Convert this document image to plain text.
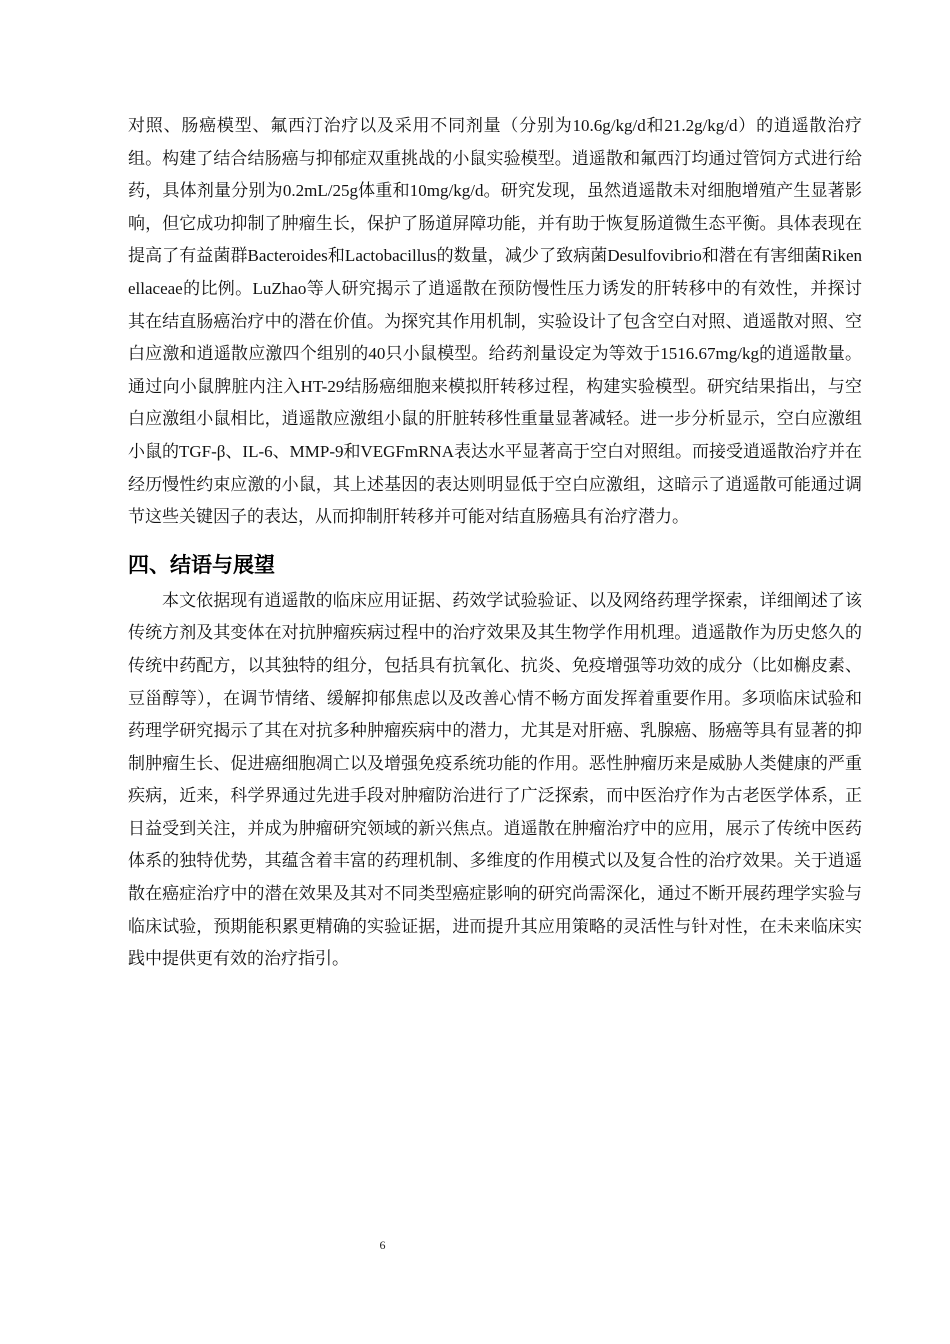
对照、肠癌模型、氟西汀治疗以及采用不同剂量（分别为10.6g/kg/d和21.2g/kg/d）的逍遥散治疗组。构建了结合结肠癌与抑郁症双重挑战的小鼠实验模型。逍遥散和氟西汀均通过管饲方式进行给药，具体剂量分别为0.2mL/25g体重和10mg/kg/d。研究发现，虽然逍遥散未对细胞增殖产生显著影响，但它成功抑制了肿瘤生长，保护了肠道屏障功能，并有助于恢复肠道微生态平衡。具体表现在提高了有益菌群Bacteroides和Lactobacillus的数量，减少了致病菌Desulfovibrio和潜在有害细菌Rikenellaceae的比例。LuZhao等人研究揭示了逍遥散在预防慢性压力诱发的肝转移中的有效性，并探讨其在结直肠癌治疗中的潜在价值。为探究其作用机制，实验设计了包含空白对照、逍遥散对照、空白应激和逍遥散应激四个组别的40只小鼠模型。给药剂量设定为等效于1516.67mg/kg的逍遥散量。通过向小鼠脾脏内注入HT-29结肠癌细胞来模拟肝转移过程，构建实验模型。研究结果指出，与空白应激组小鼠相比，逍遥散应激组小鼠的肝脏转移性重量显著减轻。进一步分析显示，空白应激组小鼠的TGF-β、IL-6、MMP-9和VEGFmRNA表达水平显著高于空白对照组。而接受逍遥散治疗并在经历慢性约束应激的小鼠，其上述基因的表达则明显低于空白应激组，这暗示了逍遥散可能通过调节这些关键因子的表达，从而抑制肝转移并可能对结直肠癌具有治疗潜力。

四、结语与展望

本文依据现有逍遥散的临床应用证据、药效学试验验证、以及网络药理学探索，详细阐述了该传统方剂及其变体在对抗肿瘤疾病过程中的治疗效果及其生物学作用机理。逍遥散作为历史悠久的传统中药配方，以其独特的组分，包括具有抗氧化、抗炎、免疫增强等功效的成分（比如槲皮素、豆甾醇等），在调节情绪、缓解抑郁焦虑以及改善心情不畅方面发挥着重要作用。多项临床试验和药理学研究揭示了其在对抗多种肿瘤疾病中的潜力，尤其是对肝癌、乳腺癌、肠癌等具有显著的抑制肿瘤生长、促进癌细胞凋亡以及增强免疫系统功能的作用。恶性肿瘤历来是威胁人类健康的严重疾病，近来，科学界通过先进手段对肿瘤防治进行了广泛探索，而中医治疗作为古老医学体系，正日益受到关注，并成为肿瘤研究领域的新兴焦点。逍遥散在肿瘤治疗中的应用，展示了传统中医药体系的独特优势，其蕴含着丰富的药理机制、多维度的作用模式以及复合性的治疗效果。关于逍遥散在癌症治疗中的潜在效果及其对不同类型癌症影响的研究尚需深化，通过不断开展药理学实验与临床试验，预期能积累更精确的实验证据，进而提升其应用策略的灵活性与针对性，在未来临床实践中提供更有效的治疗指引。

6
